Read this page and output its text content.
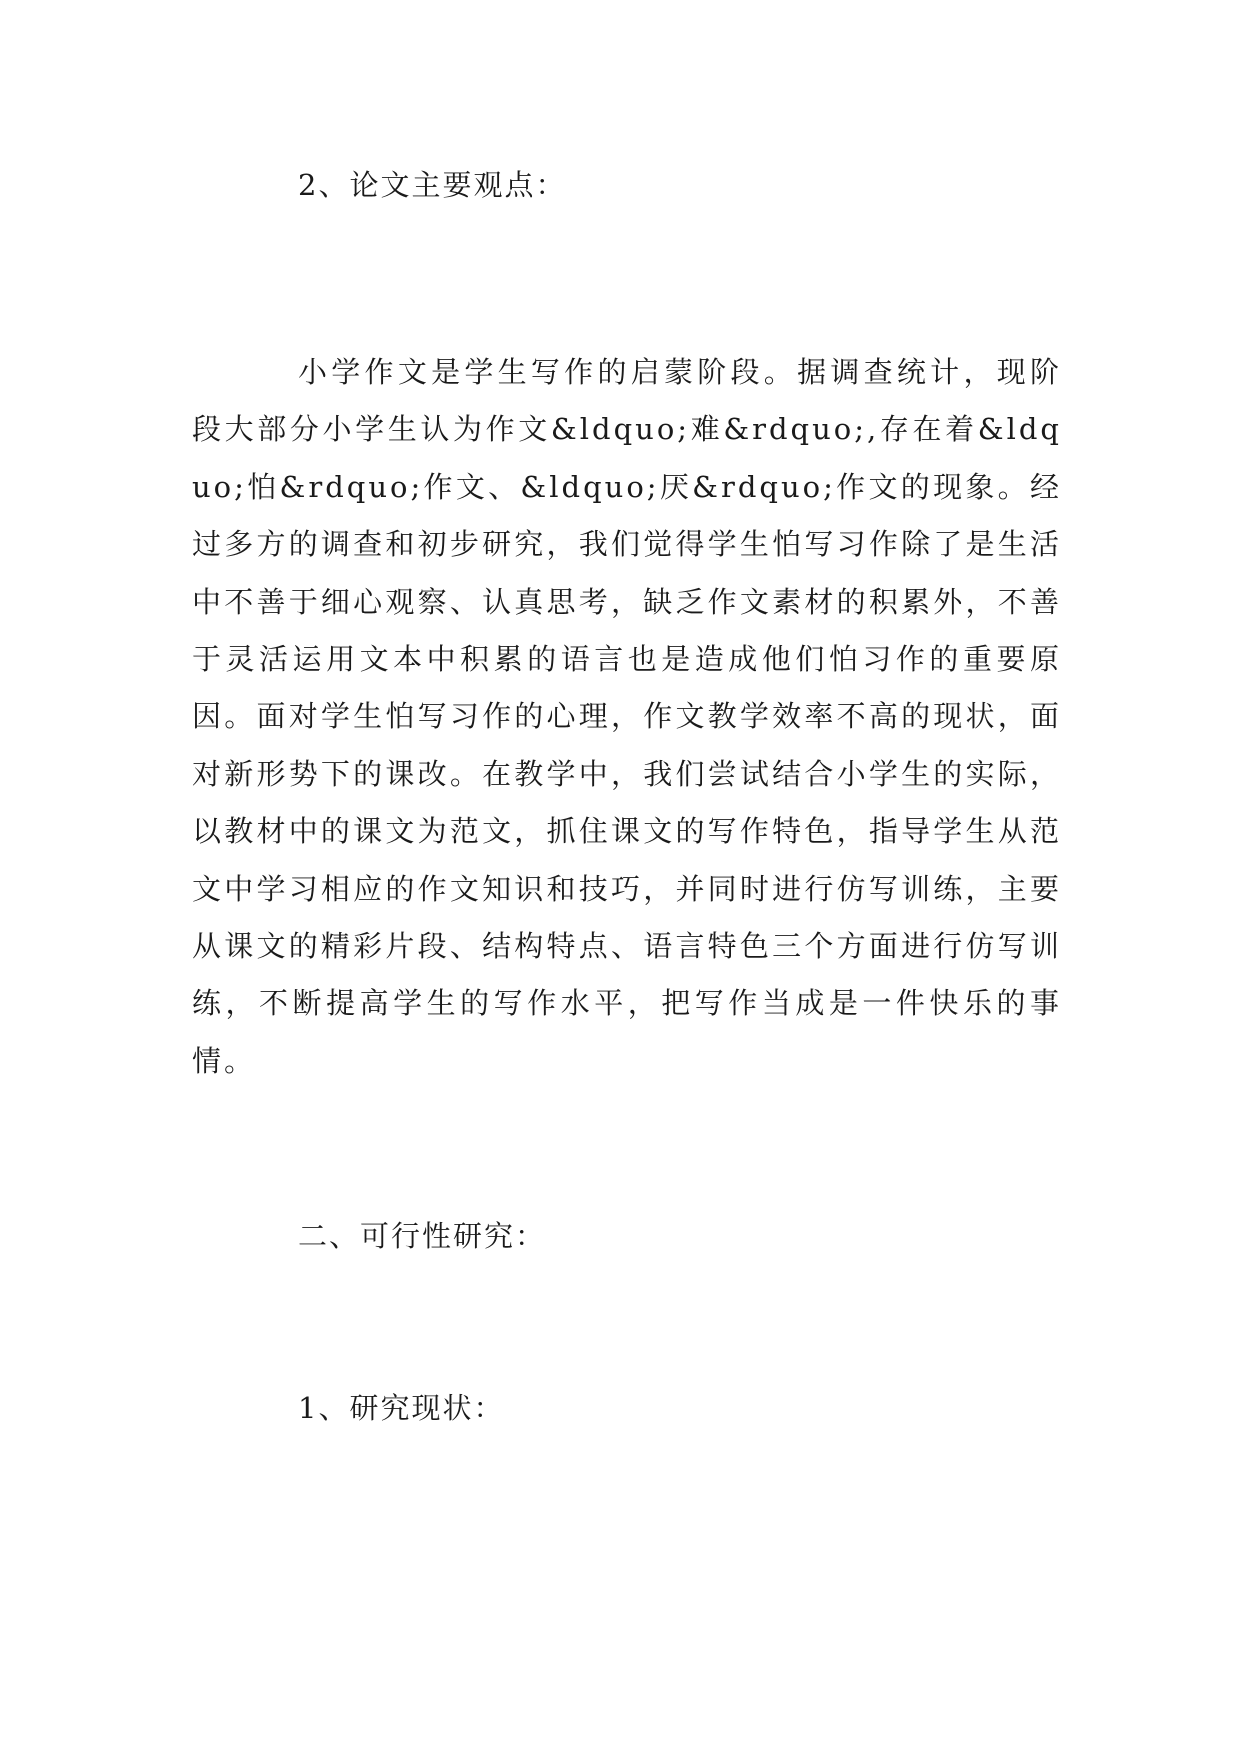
2、论文主要观点：

小学作文是学生写作的启蒙阶段。据调查统计，现阶段大部分小学生认为作文&ldquo;难&rdquo;,存在着&ldquo;怕&rdquo;作文、&ldquo;厌&rdquo;作文的现象。经过多方的调查和初步研究，我们觉得学生怕写习作除了是生活中不善于细心观察、认真思考，缺乏作文素材的积累外，不善于灵活运用文本中积累的语言也是造成他们怕习作的重要原因。面对学生怕写习作的心理，作文教学效率不高的现状，面对新形势下的课改。在教学中，我们尝试结合小学生的实际，以教材中的课文为范文，抓住课文的写作特色，指导学生从范文中学习相应的作文知识和技巧，并同时进行仿写训练，主要从课文的精彩片段、结构特点、语言特色三个方面进行仿写训练，不断提高学生的写作水平，把写作当成是一件快乐的事情。

二、可行性研究：
1、研究现状：
